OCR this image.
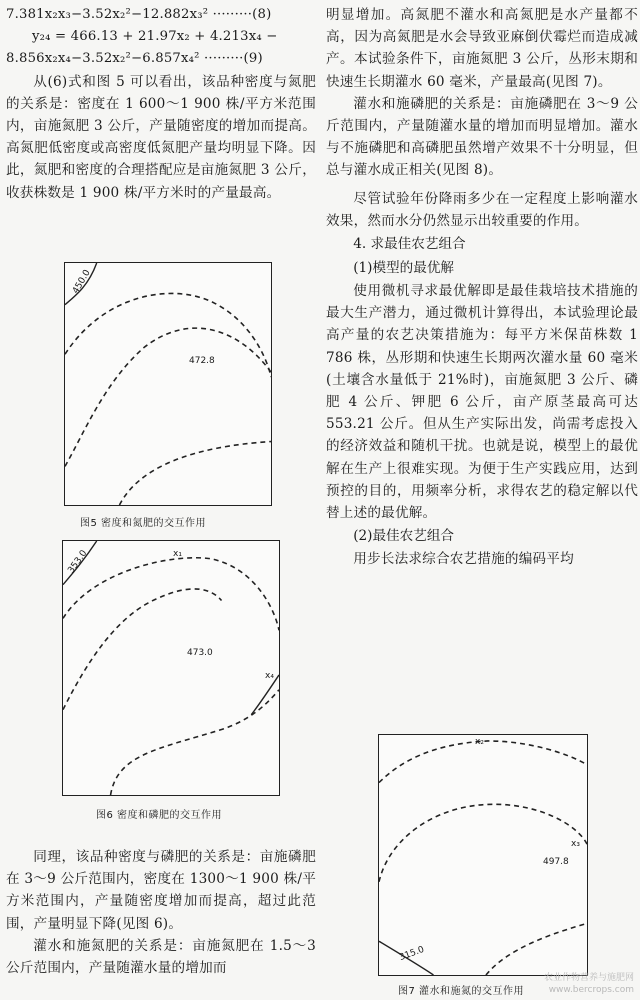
7.381x₂x₃−3.52x₂²−12.882x₃² ·········(8)
y₂₄ = 466.13 + 21.97x₂ + 4.213x₄ −
8.856x₂x₄−3.52x₂²−6.857x₄² ·········(9)

从(6)式和图 5 可以看出，该品种密度与氮肥的关系是：密度在 1 600～1 900 株/平方米范围内，亩施氮肥 3 公斤，产量随密度的增加而提高。高氮肥低密度或高密度低氮肥产量均明显下降。因此，氮肥和密度的合理搭配应是亩施氮肥 3 公斤，收获株数是 1 900 株/平方米时的产量最高。

450.0
472.8
图5 密度和氮肥的交互作用
353.0	x₁
x₄
473.0
图6 密度和磷肥的交互作用

同理，该品种密度与磷肥的关系是：亩施磷肥在 3～9 公斤范围内，密度在 1300～1 900 株/平方米范围内，产量随密度增加而提高，超过此范围，产量明显下降(见图 6)。

灌水和施氮肥的关系是：亩施氮肥在 1.5～3 公斤范围内，产量随灌水量的增加而

明显增加。高氮肥不灌水和高氮肥是水产量都不高，因为高氮肥是水会导致亚麻倒伏霉烂而造成减产。本试验条件下，亩施氮肥 3 公斤，丛形末期和快速生长期灌水 60 毫米，产量最高(见图 7)。

灌水和施磷肥的关系是：亩施磷肥在 3～9 公斤范围内，产量随灌水量的增加而明显增加。灌水与不施磷肥和高磷肥虽然增产效果不十分明显，但总与灌水成正相关(见图 8)。

尽管试验年份降雨多少在一定程度上影响灌水效果，然而水分仍然显示出较重要的作用。

4. 求最佳农艺组合
(1)模型的最优解

使用微机寻求最优解即是最佳栽培技术措施的最大生产潜力，通过微机计算得出，本试验理论最高产量的农艺决策措施为：每平方米保苗株数 1 786 株，丛形期和快速生长期两次灌水量 60 毫米(土壤含水量低于 21%时)，亩施氮肥 3 公斤、磷肥 4 公斤、钾肥 6 公斤，亩产原茎最高可达 553.21 公斤。但从生产实际出发，尚需考虑投入的经济效益和随机干扰。也就是说，模型上的最优解在生产上很难实现。为便于生产实践应用，达到预控的目的，用频率分析，求得农艺的稳定解以代替上述的最优解。

(2)最佳农艺组合

用步长法求综合农艺措施的编码平均

x₂
x₃
497.8
315.0
图7 灌水和施氮的交互作用
农业作物营养与施肥网
www.bercrops.com
